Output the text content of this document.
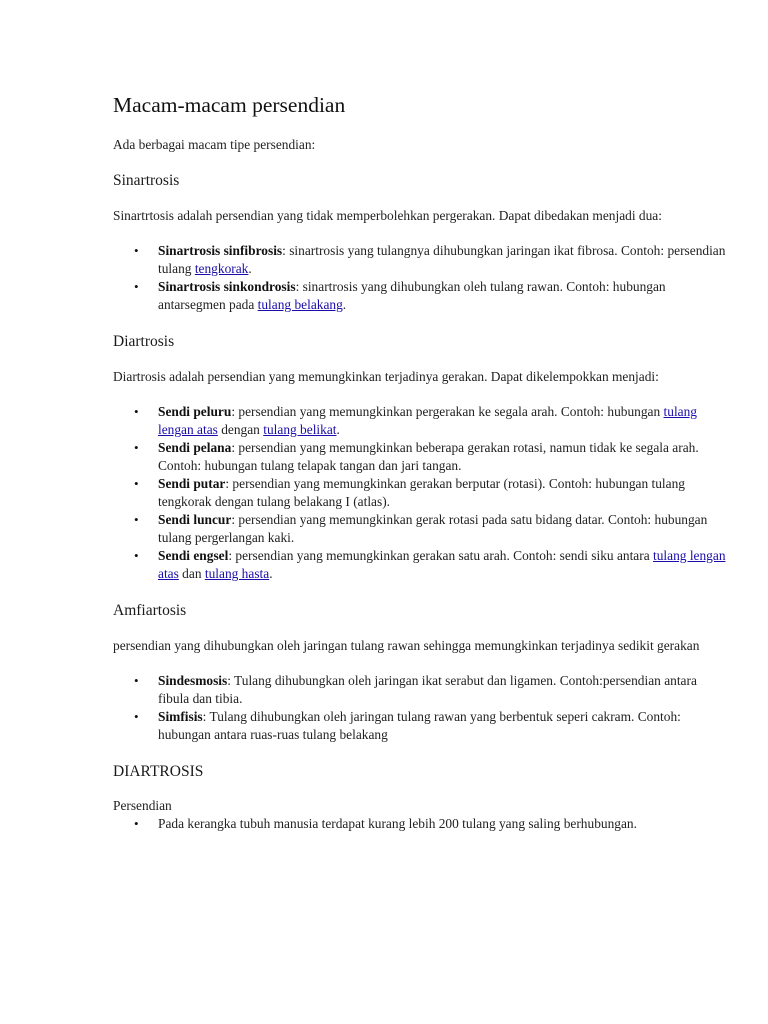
Macam-macam persendian

Ada berbagai macam tipe persendian:

Sinartrosis

Sinartrtosis adalah persendian yang tidak memperbolehkan pergerakan. Dapat dibedakan menjadi dua:

• Sinartrosis sinfibrosis: sinartrosis yang tulangnya dihubungkan jaringan ikat fibrosa. Contoh: persendian tulang tengkorak.
• Sinartrosis sinkondrosis: sinartrosis yang dihubungkan oleh tulang rawan. Contoh: hubungan antarsegmen pada tulang belakang.
Diartrosis

Diartrosis adalah persendian yang memungkinkan terjadinya gerakan. Dapat dikelempokkan menjadi:

• Sendi peluru: persendian yang memungkinkan pergerakan ke segala arah. Contoh: hubungan tulang lengan atas dengan tulang belikat.
• Sendi pelana: persendian yang memungkinkan beberapa gerakan rotasi, namun tidak ke segala arah. Contoh: hubungan tulang telapak tangan dan jari tangan.
• Sendi putar: persendian yang memungkinkan gerakan berputar (rotasi). Contoh: hubungan tulang tengkorak dengan tulang belakang I (atlas).
• Sendi luncur: persendian yang memungkinkan gerak rotasi pada satu bidang datar. Contoh: hubungan tulang pergerlangan kaki.
• Sendi engsel: persendian yang memungkinkan gerakan satu arah. Contoh: sendi siku antara tulang lengan atas dan tulang hasta.
Amfiartosis

persendian yang dihubungkan oleh jaringan tulang rawan sehingga memungkinkan terjadinya sedikit gerakan

• Sindesmosis: Tulang dihubungkan oleh jaringan ikat serabut dan ligamen. Contoh:persendian antara fibula dan tibia.
• Simfisis: Tulang dihubungkan oleh jaringan tulang rawan yang berbentuk seperi cakram. Contoh: hubungan antara ruas-ruas tulang belakang
DIARTROSIS

Persendian

• Pada kerangka tubuh manusia terdapat kurang lebih 200 tulang yang saling berhubungan.
